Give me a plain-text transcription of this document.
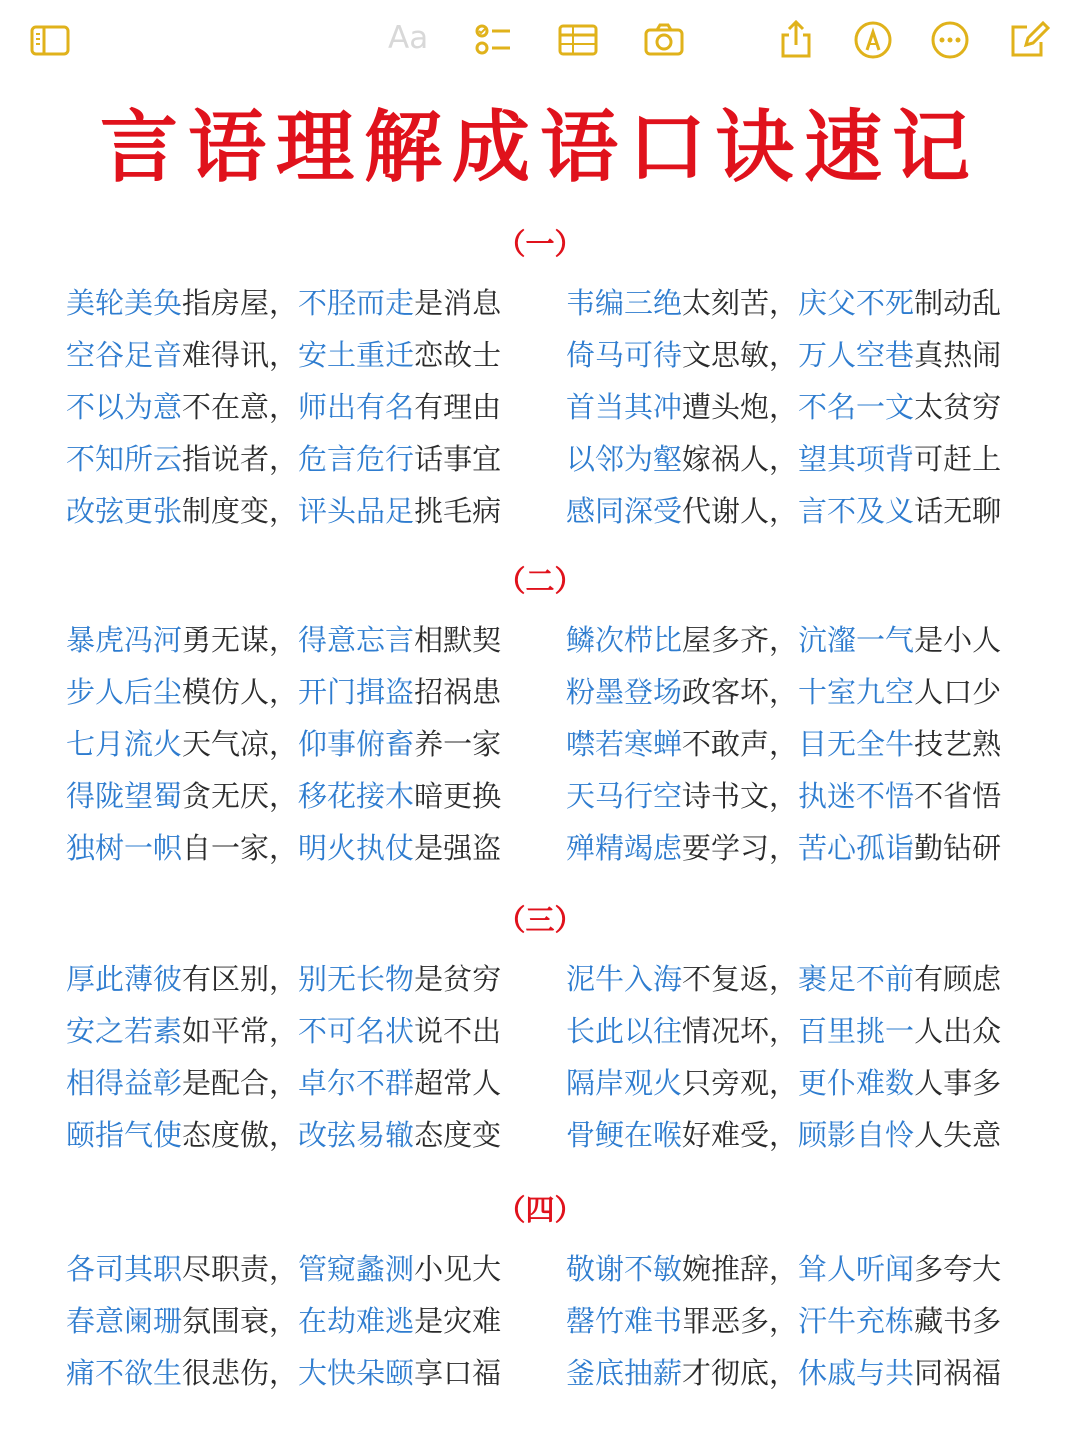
Aa
言语理解成语口诀速记
（一）
美轮美奂指房屋，不胫而走是消息 韦编三绝太刻苦，庆父不死制动乱
空谷足音难得讯，安土重迁恋故士 倚马可待文思敏，万人空巷真热闹
不以为意不在意，师出有名有理由 首当其冲遭头炮，不名一文太贫穷
不知所云指说者，危言危行话事宜 以邻为壑嫁祸人，望其项背可赶上
改弦更张制度变，评头品足挑毛病 感同深受代谢人，言不及义话无聊
（二）
暴虎冯河勇无谋，得意忘言相默契 鳞次栉比屋多齐，沆瀣一气是小人
步人后尘模仿人，开门揖盗招祸患 粉墨登场政客坏，十室九空人口少
七月流火天气凉，仰事俯畜养一家 噤若寒蝉不敢声，目无全牛技艺熟
得陇望蜀贪无厌，移花接木暗更换 天马行空诗书文，执迷不悟不省悟
独树一帜自一家，明火执仗是强盗 殚精竭虑要学习，苦心孤诣勤钻研
（三）
厚此薄彼有区别，别无长物是贫穷 泥牛入海不复返，裹足不前有顾虑
安之若素如平常，不可名状说不出 长此以往情况坏，百里挑一人出众
相得益彰是配合，卓尔不群超常人 隔岸观火只旁观，更仆难数人事多
颐指气使态度傲，改弦易辙态度变 骨鲠在喉好难受，顾影自怜人失意
（四）
各司其职尽职责，管窥蠡测小见大 敬谢不敏婉推辞，耸人听闻多夸大
春意阑珊氛围衰，在劫难逃是灾难 罄竹难书罪恶多，汗牛充栋藏书多
痛不欲生很悲伤，大快朵颐享口福 釜底抽薪才彻底，休戚与共同祸福
